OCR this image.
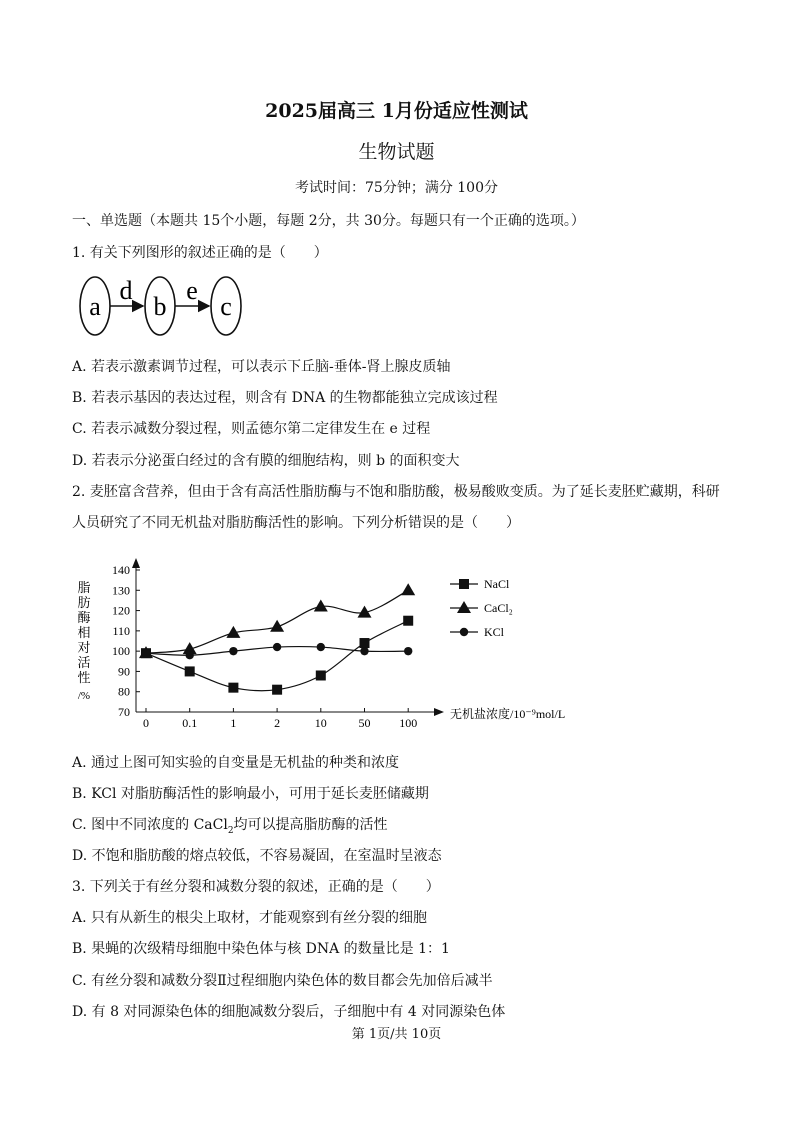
2025届高三 1月份适应性测试
生物试题
考试时间：75分钟；满分 100分
一、单选题（本题共 15个小题，每题 2分，共 30分。每题只有一个正确的选项。）
1. 有关下列图形的叙述正确的是（　　）
a b c
d e
A. 若表示激素调节过程，可以表示下丘脑-垂体-肾上腺皮质轴
B. 若表示基因的表达过程，则含有 DNA 的生物都能独立完成该过程
C. 若表示减数分裂过程，则孟德尔第二定律发生在 e 过程
D. 若表示分泌蛋白经过的含有膜的细胞结构，则 b 的面积变大
2. 麦胚富含营养，但由于含有高活性脂肪酶与不饱和脂肪酸，极易酸败变质。为了延长麦胚贮藏期，科研
人员研究了不同无机盐对脂肪酶活性的影响。下列分析错误的是（　　）
脂
肪
酶
相
对
活
性
/%
70
80
90
100
110
120
130
140
0	0.1	1	2	10	50 100
NaCl
CaCl₂
KCl
无机盐浓度/10⁻⁹mol/L
A. 通过上图可知实验的自变量是无机盐的种类和浓度
B. KCl 对脂肪酶活性的影响最小，可用于延长麦胚储藏期
C. 图中不同浓度的 CaCl$_2$均可以提高脂肪酶的活性
D. 不饱和脂肪酸的熔点较低，不容易凝固，在室温时呈液态
3. 下列关于有丝分裂和减数分裂的叙述，正确的是（　　）
A. 只有从新生的根尖上取材，才能观察到有丝分裂的细胞
B. 果蝇的次级精母细胞中染色体与核 DNA 的数量比是 1：1
C. 有丝分裂和减数分裂Ⅱ过程细胞内染色体的数目都会先加倍后减半
D. 有 8 对同源染色体的细胞减数分裂后，子细胞中有 4 对同源染色体
第 1页/共 10页
